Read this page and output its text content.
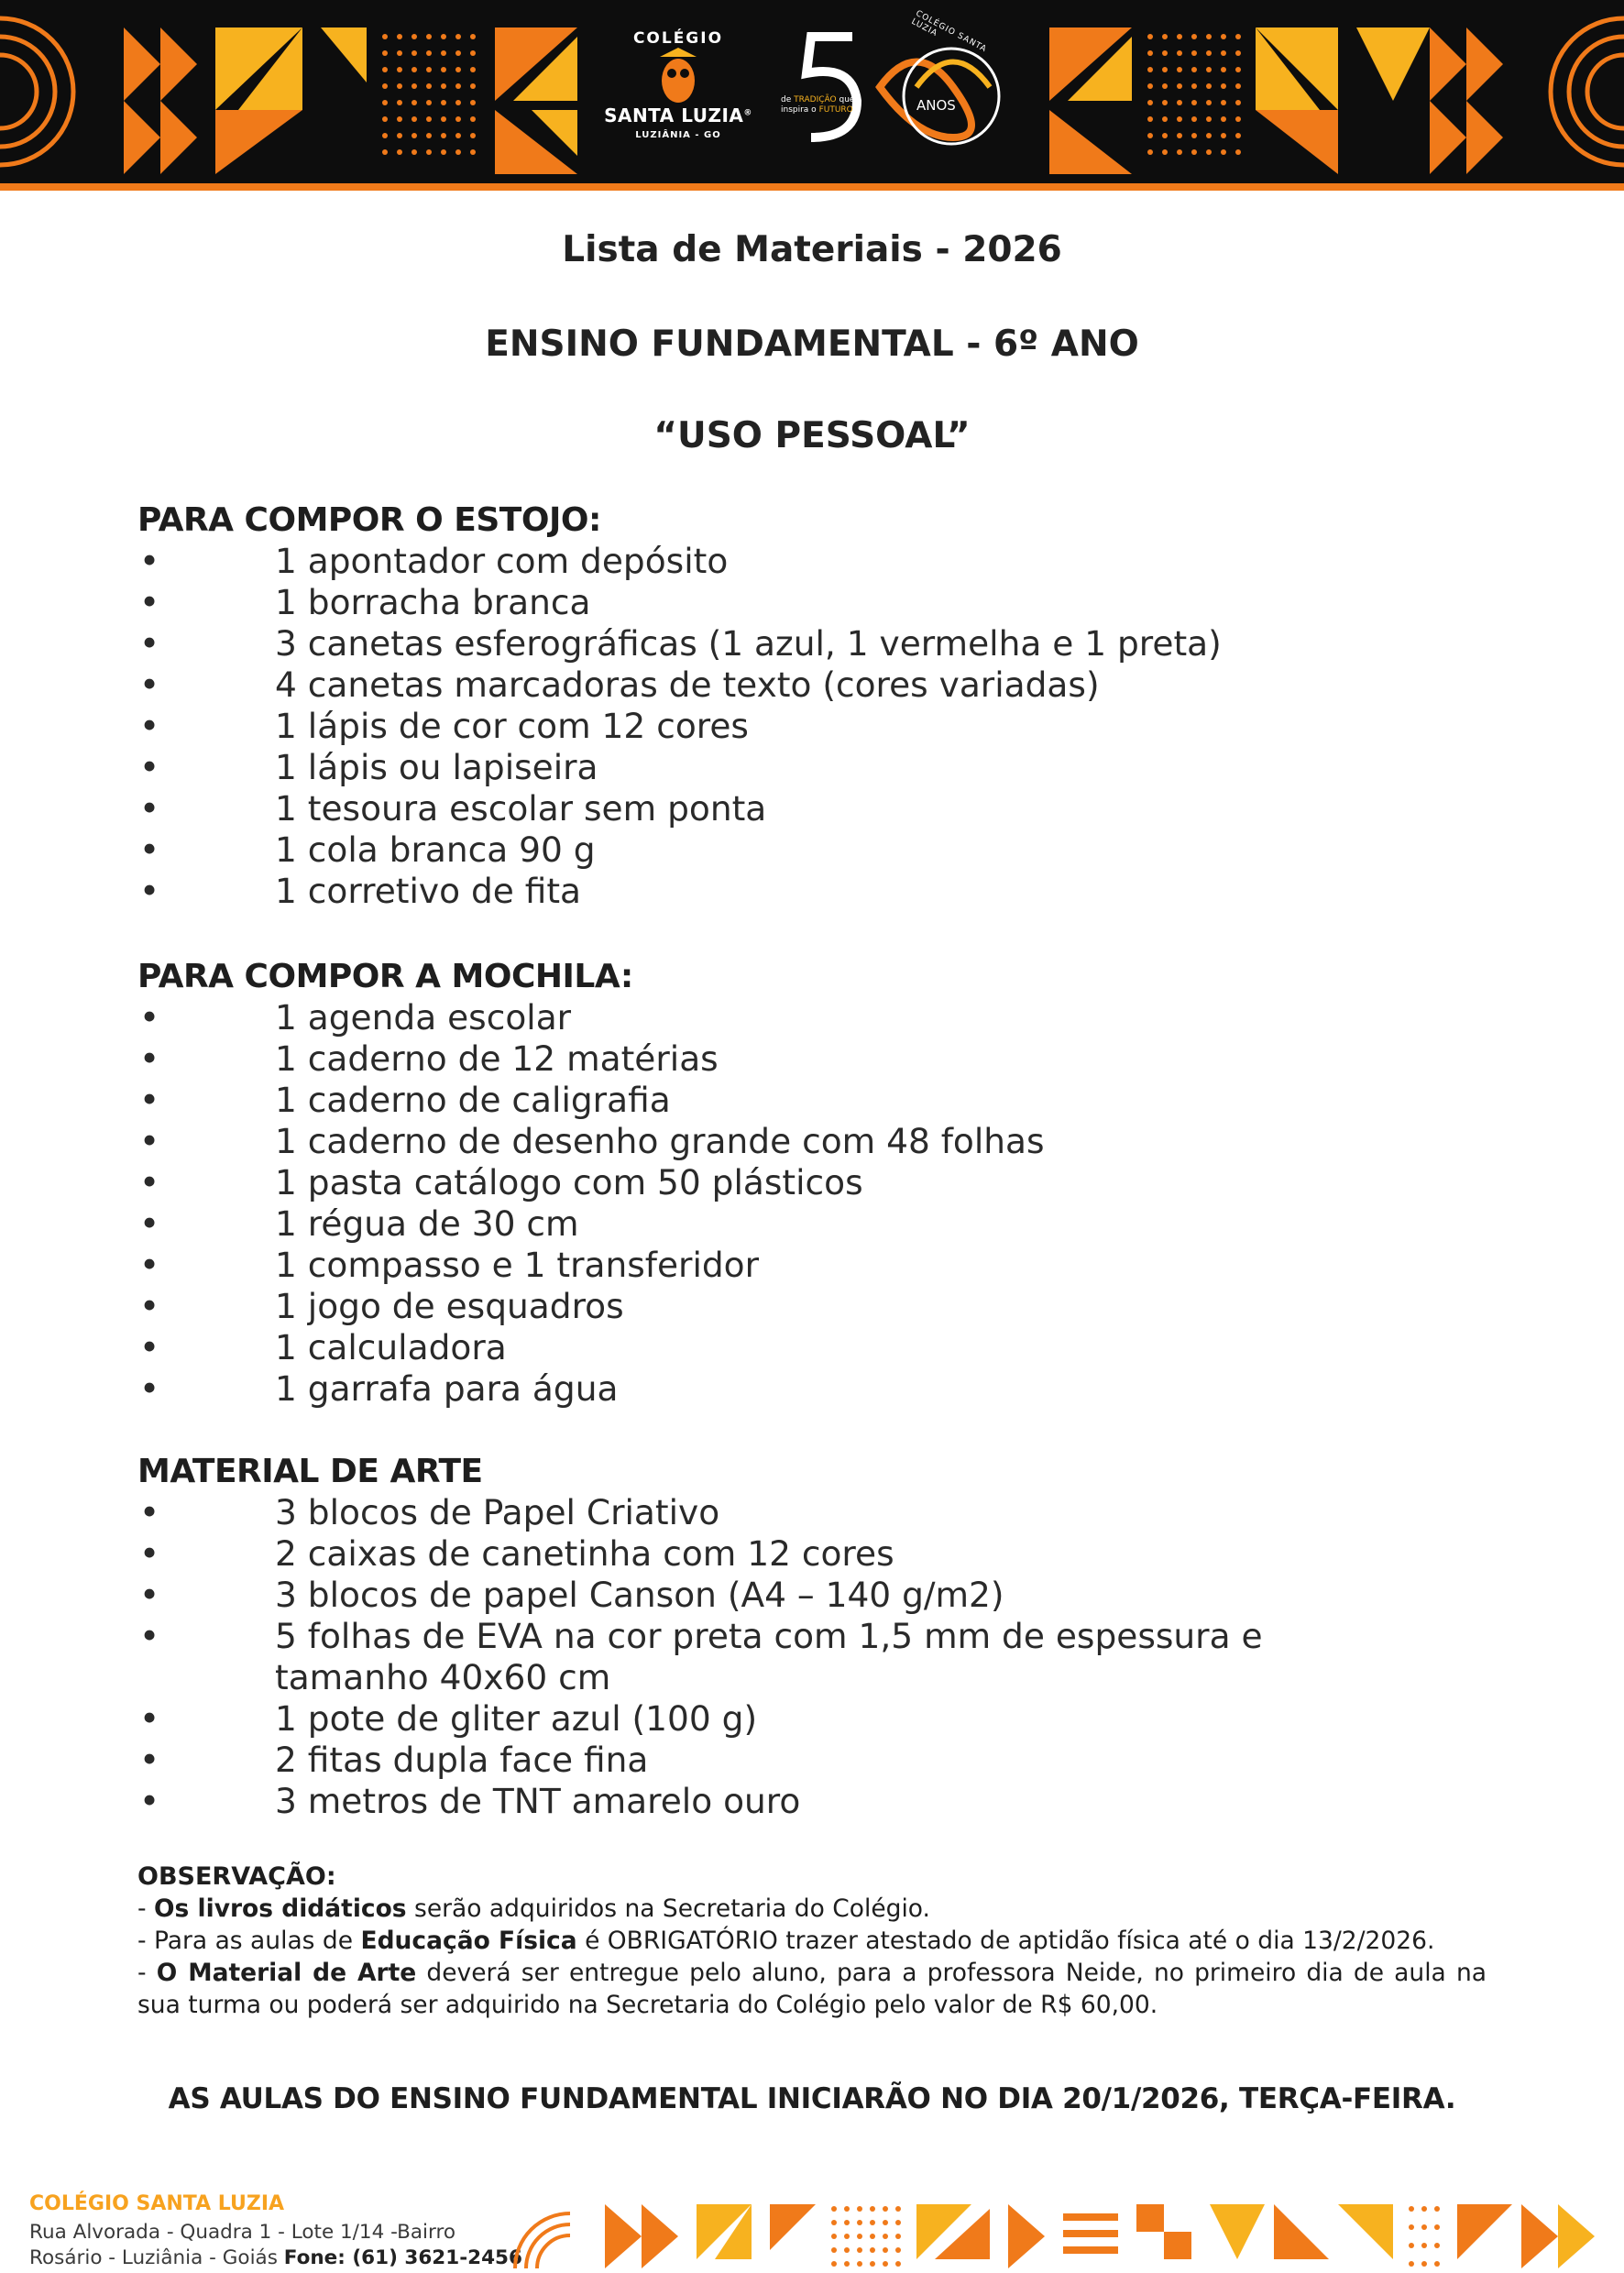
COLÉGIO
SANTA LUZIA®
LUZIÂNIA - GO
COLÉGIO SANTA LUZIA
de TRADIÇÃO que
inspira o FUTURO	ANOS
Lista de Materiais - 2026
ENSINO FUNDAMENTAL - 6º ANO
“USO PESSOAL”
PARA COMPOR O ESTOJO:
•	1 apontador com depósito
•	1 borracha branca
•	3 canetas esferográficas (1 azul, 1 vermelha e 1 preta)
•	4 canetas marcadoras de texto (cores variadas)
•	1 lápis de cor com 12 cores
•	1 lápis ou lapiseira
•	1 tesoura escolar sem ponta
•	1 cola branca 90 g
•	1 corretivo de fita
PARA COMPOR A MOCHILA:
•	1 agenda escolar
•	1 caderno de 12 matérias
•	1 caderno de caligrafia
•	1 caderno de desenho grande com 48 folhas
•	1 pasta catálogo com 50 plásticos
•	1 régua de 30 cm
•	1 compasso e 1 transferidor
•	1 jogo de esquadros
•	1 calculadora
•	1 garrafa para água
MATERIAL DE ARTE
•	3 blocos de Papel Criativo
•	2 caixas de canetinha com 12 cores
•	3 blocos de papel Canson (A4 – 140 g/m2)
•	5 folhas de EVA na cor preta com 1,5 mm de espessura e
tamanho 40x60 cm
•	1 pote de gliter azul (100 g)
•	2 fitas dupla face fina
•	3 metros de TNT amarelo ouro

OBSERVAÇÃO:

- Os livros didáticos serão adquiridos na Secretaria do Colégio.

- Para as aulas de Educação Física é OBRIGATÓRIO trazer atestado de aptidão física até o dia 13/2/2026.

- O Material de Arte deverá ser entregue pelo aluno, para a professora Neide, no primeiro dia de aula na sua turma ou poderá ser adquirido na Secretaria do Colégio pelo valor de R$ 60,00.

AS AULAS DO ENSINO FUNDAMENTAL INICIARÃO NO DIA 20/1/2026, TERÇA-FEIRA.
COLÉGIO SANTA LUZIA
Rua Alvorada - Quadra 1 - Lote 1/14 -Bairro
Rosário - Luziânia - Goiás Fone: (61) 3621-2456
